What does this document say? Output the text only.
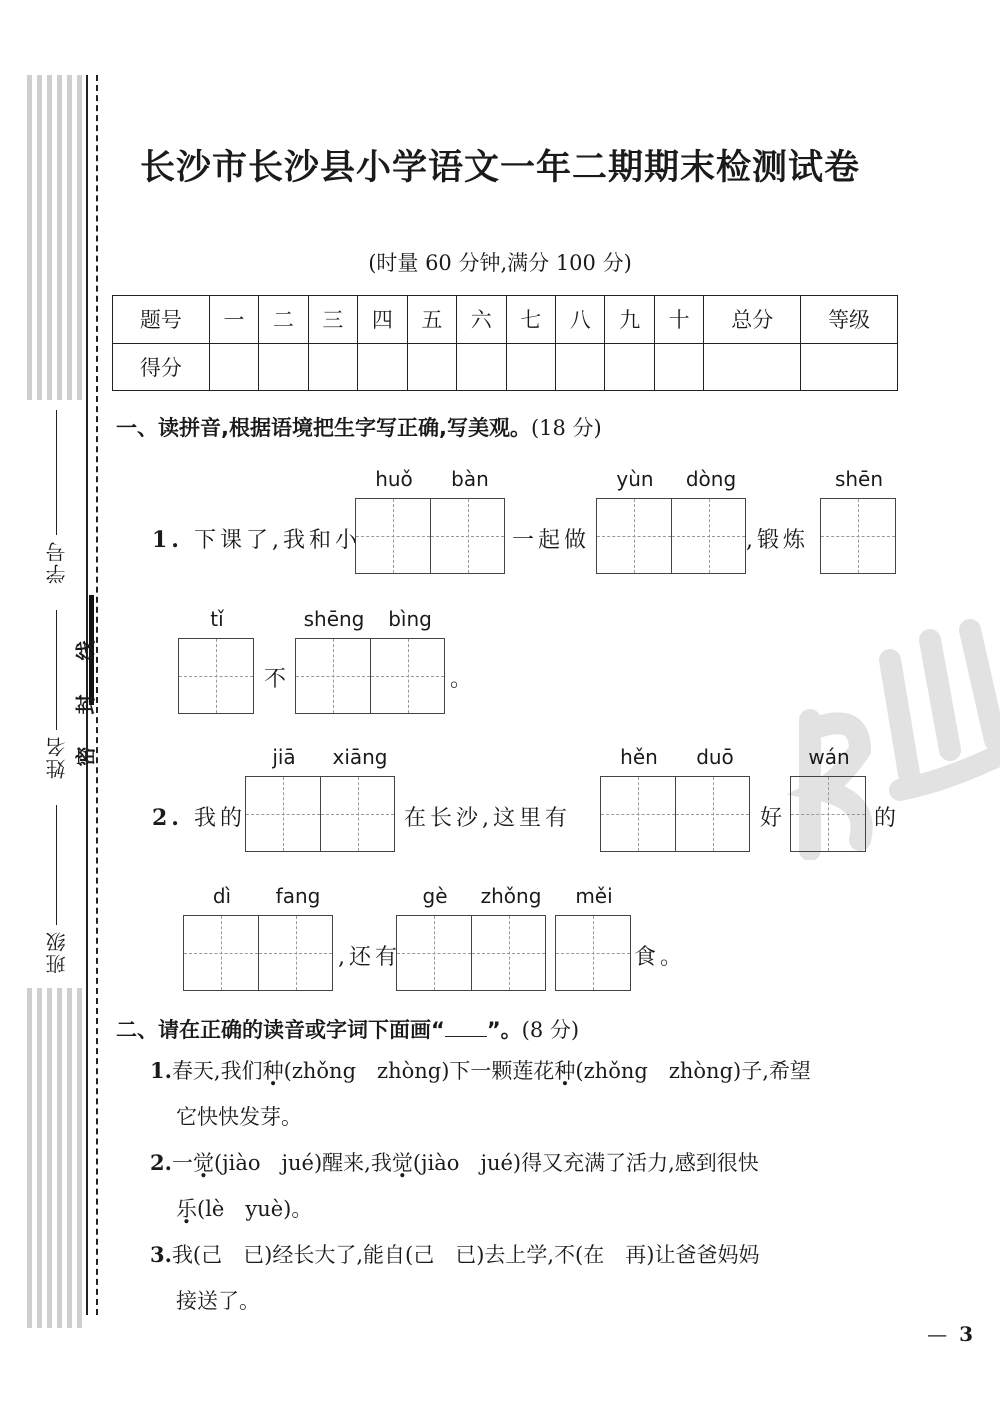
学号
姓名
班级
密
封
线
长沙市长沙县小学语文一年二期期末检测试卷
(时量 60 分钟,满分 100 分)
题号	一	二	三	四	五	六	七	八	九	十	总分	等级
得分												
一、读拼音,根据语境把生字写正确,写美观。(18 分)
1. 下课了,我和小
huǒ	bàn
一起做
yùn	dòng
,锻炼
shēn
tǐ
不
shēng	bìng
。
2. 我的
jiā	xiāng
在长沙,这里有
hěn	duō
好
wán
的
dì	fang
,还有
gè	zhǒng	měi
食。
二、请在正确的读音或字词下面画“ ”。(8 分)
1.春天,我们种(zhǒng　zhòng)下一颗莲花种(zhǒng　zhòng)子,希望
它快快发芽。
2.一觉(jiào　jué)醒来,我觉(jiào　jué)得又充满了活力,感到很快
乐(lè　yuè)。
3.我(己　已)经长大了,能自(己　已)去上学,不(在　再)让爸爸妈妈
接送了。
— 3
